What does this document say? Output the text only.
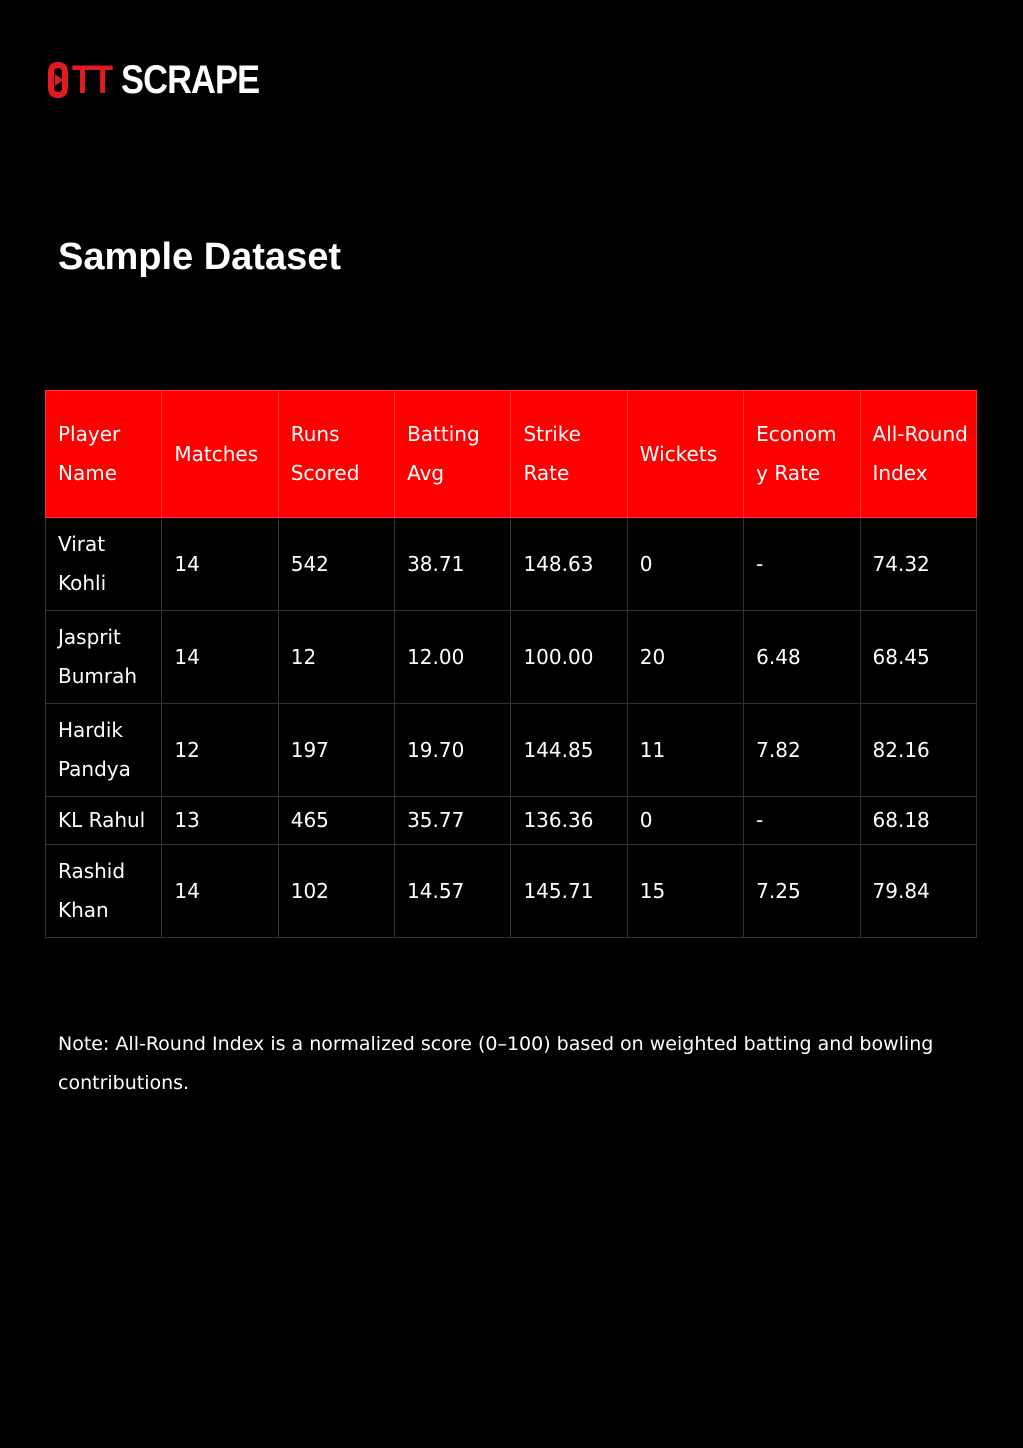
TT SCRAPE
Sample Dataset
Player Name	Matches	Runs Scored	Batting Avg	Strike Rate	Wickets	Econom y Rate	All-Round Index
Virat Kohli	14	542	38.71	148.63	0	-	74.32
Jasprit Bumrah	14	12	12.00	100.00	20	6.48	68.45
Hardik Pandya	12	197	19.70	144.85	11	7.82	82.16
KL Rahul	13	465	35.77	136.36	0	-	68.18
Rashid Khan	14	102	14.57	145.71	15	7.25	79.84

Note: All-Round Index is a normalized score (0–100) based on weighted batting and bowling contributions.
